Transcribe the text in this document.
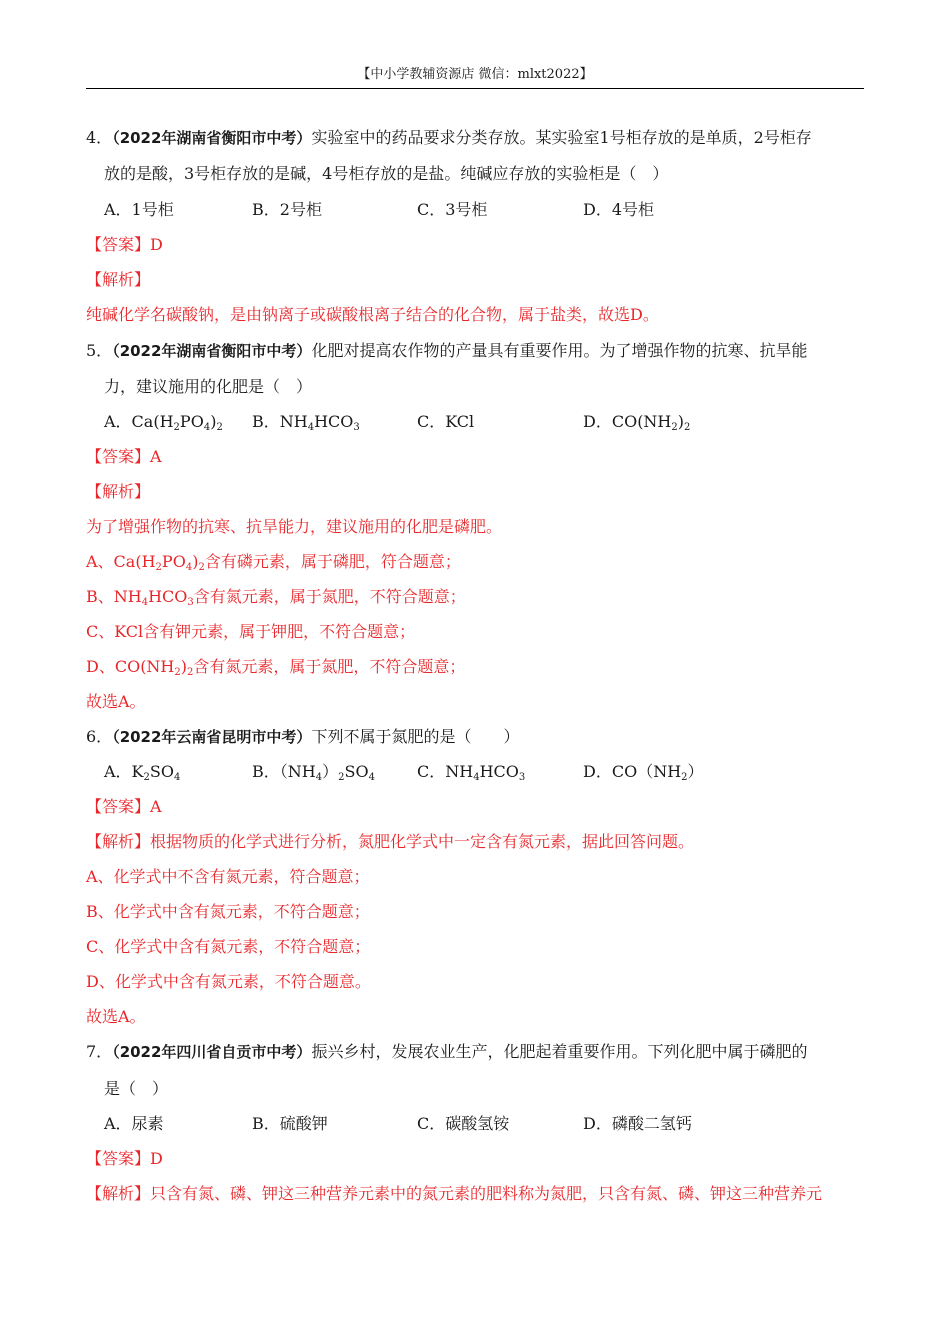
【中小学教辅资源店 微信：mlxt2022】
4．（2022年湖南省衡阳市中考）实验室中的药品要求分类存放。某实验室1号柜存放的是单质，2号柜存
放的是酸，3号柜存放的是碱，4号柜存放的是盐。纯碱应存放的实验柜是（　）
A．1号柜	B．2号柜	C．3号柜	D．4号柜
【答案】D
【解析】
纯碱化学名碳酸钠，是由钠离子或碳酸根离子结合的化合物，属于盐类，故选D。
5．（2022年湖南省衡阳市中考）化肥对提高农作物的产量具有重要作用。为了增强作物的抗寒、抗旱能
力，建议施用的化肥是（　）
A．$Ca(H_2PO_4)_2$ B．$NH_4HCO_3$	C．KCl	D．$CO(NH_2)_2$
【答案】A
【解析】
为了增强作物的抗寒、抗旱能力，建议施用的化肥是磷肥。
A、$Ca(H_2PO_4)_2$含有磷元素，属于磷肥，符合题意；
B、$NH_4HCO_3$含有氮元素，属于氮肥，不符合题意；
C、KCl含有钾元素，属于钾肥，不符合题意；
D、$CO(NH_2)_2$含有氮元素，属于氮肥，不符合题意；
故选A。
6．（2022年云南省昆明市中考）下列不属于氮肥的是（　　）
A．$K_2SO_4$	B．$(NH_4)_2SO_4$	C．$NH_4HCO_3$	D．$CO(NH_2)$
【答案】A
【解析】根据物质的化学式进行分析，氮肥化学式中一定含有氮元素，据此回答问题。
A、化学式中不含有氮元素，符合题意；
B、化学式中含有氮元素，不符合题意；
C、化学式中含有氮元素，不符合题意；
D、化学式中含有氮元素，不符合题意。
故选A。
7．（2022年四川省自贡市中考）振兴乡村，发展农业生产，化肥起着重要作用。下列化肥中属于磷肥的
是（　）
A．尿素	B．硫酸钾	C．碳酸氢铵	D．磷酸二氢钙
【答案】D
【解析】只含有氮、磷、钾这三种营养元素中的氮元素的肥料称为氮肥，只含有氮、磷、钾这三种营养元
